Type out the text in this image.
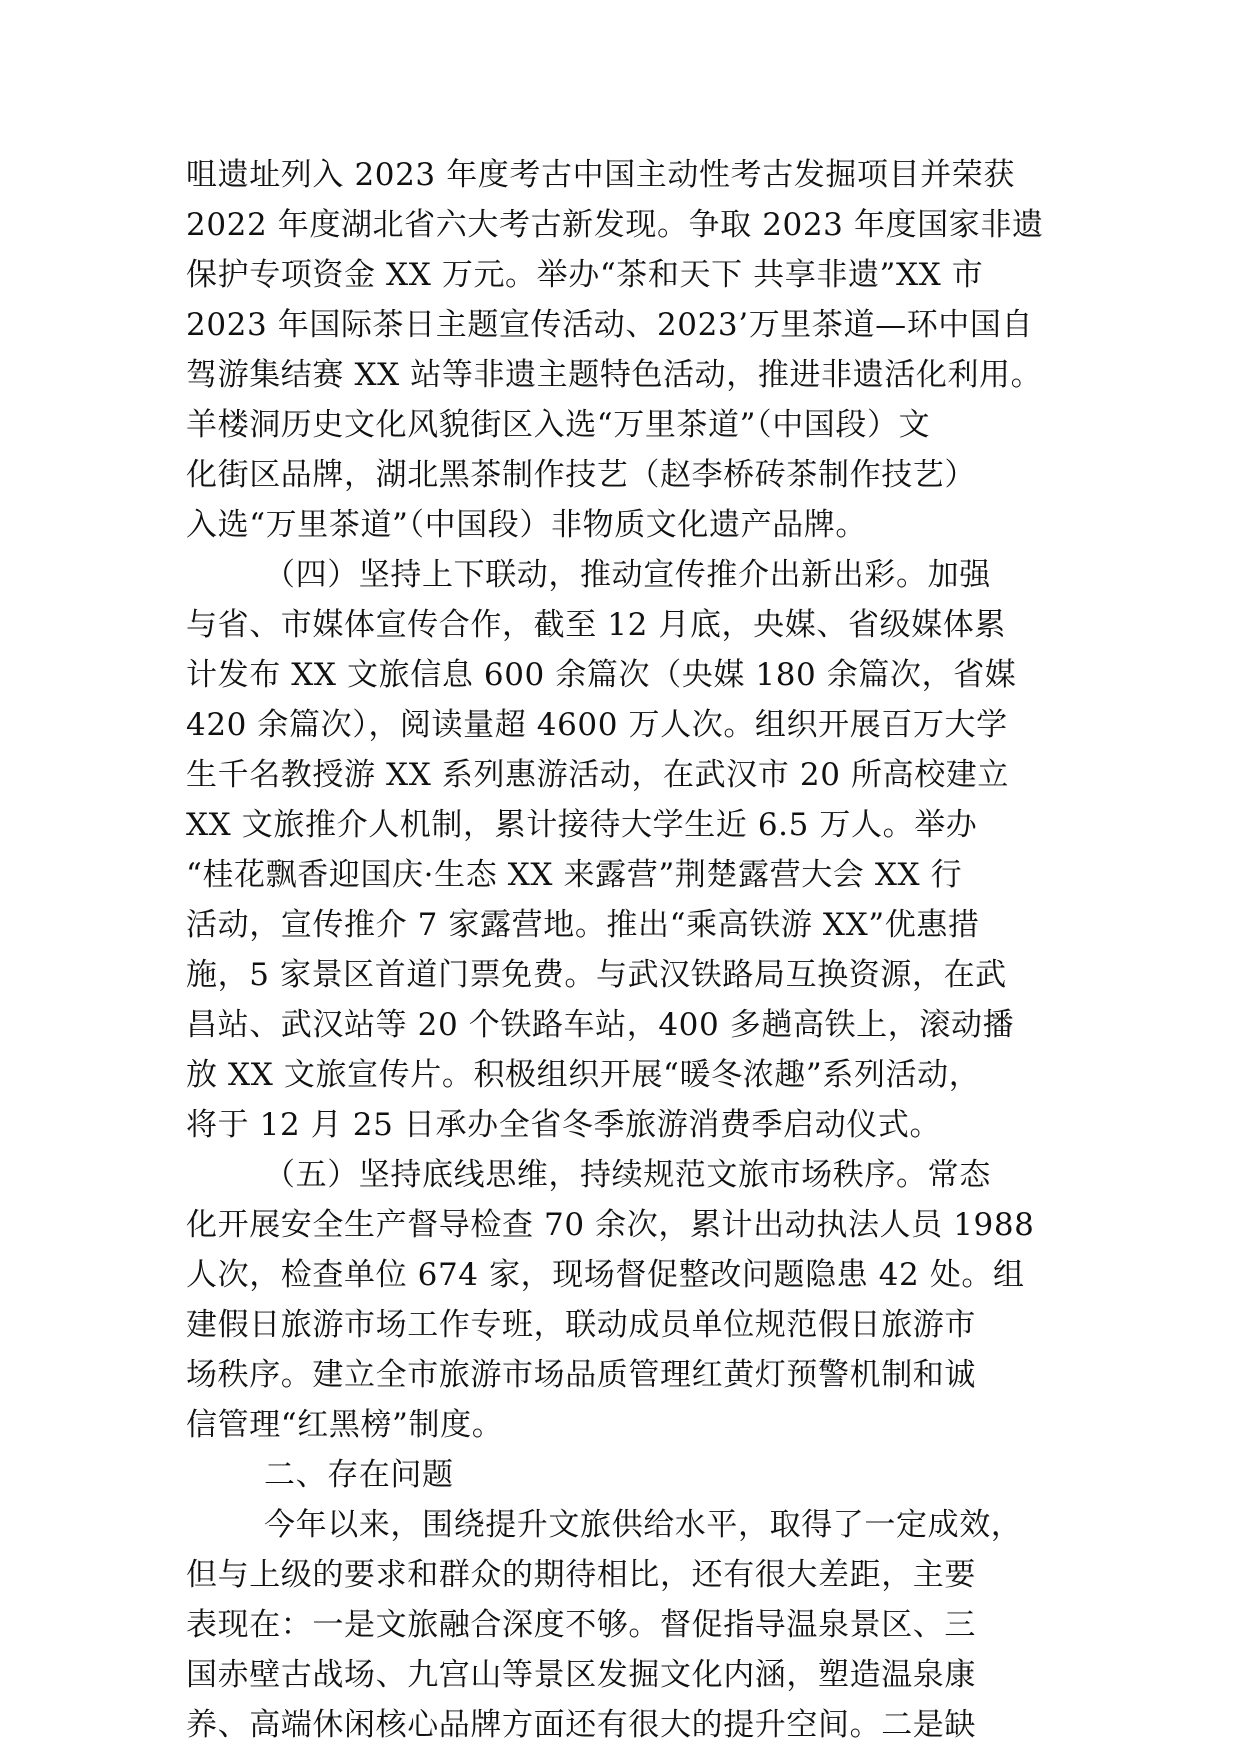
咀遗址列入 2023 年度考古中国主动性考古发掘项目并荣获
2022 年度湖北省六大考古新发现。争取 2023 年度国家非遗
保护专项资金 XX 万元。举办“茶和天下 共享非遗”XX 市
2023 年国际茶日主题宣传活动、2023’万里茶道—环中国自
驾游集结赛 XX 站等非遗主题特色活动，推进非遗活化利用。
羊楼洞历史文化风貌街区入选“万里茶道”（中国段）文
化街区品牌，湖北黑茶制作技艺（赵李桥砖茶制作技艺）
入选“万里茶道”（中国段）非物质文化遗产品牌。
（四）坚持上下联动，推动宣传推介出新出彩。加强
与省、市媒体宣传合作，截至 12 月底，央媒、省级媒体累
计发布 XX 文旅信息 600 余篇次（央媒 180 余篇次，省媒
420 余篇次），阅读量超 4600 万人次。组织开展百万大学
生千名教授游 XX 系列惠游活动，在武汉市 20 所高校建立
XX 文旅推介人机制，累计接待大学生近 6.5 万人。举办
“桂花飘香迎国庆·生态 XX 来露营”荆楚露营大会 XX 行
活动，宣传推介 7 家露营地。推出“乘高铁游 XX”优惠措
施，5 家景区首道门票免费。与武汉铁路局互换资源，在武
昌站、武汉站等 20 个铁路车站，400 多趟高铁上，滚动播
放 XX 文旅宣传片。积极组织开展“暖冬浓趣”系列活动，
将于 12 月 25 日承办全省冬季旅游消费季启动仪式。
（五）坚持底线思维，持续规范文旅市场秩序。常态
化开展安全生产督导检查 70 余次，累计出动执法人员 1988
人次，检查单位 674 家，现场督促整改问题隐患 42 处。组
建假日旅游市场工作专班，联动成员单位规范假日旅游市
场秩序。建立全市旅游市场品质管理红黄灯预警机制和诚
信管理“红黑榜”制度。
二、存在问题
今年以来，围绕提升文旅供给水平，取得了一定成效，
但与上级的要求和群众的期待相比，还有很大差距，主要
表现在：一是文旅融合深度不够。督促指导温泉景区、三
国赤壁古战场、九宫山等景区发掘文化内涵，塑造温泉康
养、高端休闲核心品牌方面还有很大的提升空间。二是缺
